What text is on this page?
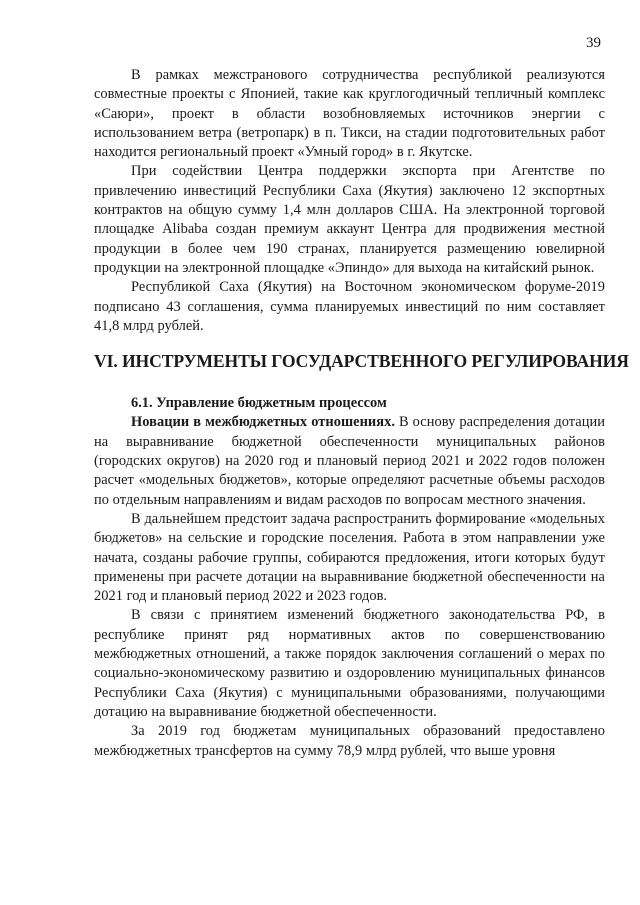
39

В рамках межстранового сотрудничества республикой реализуются совместные проекты с Японией, такие как круглогодичный тепличный комплекс «Саюри», проект в области возобновляемых источников энергии с использованием ветра (ветропарк) в п. Тикси, на стадии подготовительных работ находится региональный проект «Умный город» в г. Якутске.

При содействии Центра поддержки экспорта при Агентстве по привлечению инвестиций Республики Саха (Якутия) заключено 12 экспортных контрактов на общую сумму 1,4 млн долларов США. На электронной торговой площадке Alibaba создан премиум аккаунт Центра для продвижения местной продукции в более чем 190 странах, планируется размещению ювелирной продукции на электронной площадке «Эпиндо» для выхода на китайский рынок.

Республикой Саха (Якутия) на Восточном экономическом форуме-2019 подписано 43 соглашения, сумма планируемых инвестиций по ним составляет 41,8 млрд рублей.

VI. ИНСТРУМЕНТЫ ГОСУДАРСТВЕННОГО РЕГУЛИРОВАНИЯ
6.1. Управление бюджетным процессом

Новации в межбюджетных отношениях. В основу распределения дотации на выравнивание бюджетной обеспеченности муниципальных районов (городских округов) на 2020 год и плановый период 2021 и 2022 годов положен расчет «модельных бюджетов», которые определяют расчетные объемы расходов по отдельным направлениям и видам расходов по вопросам местного значения.

В дальнейшем предстоит задача распространить формирование «модельных бюджетов» на сельские и городские поселения. Работа в этом направлении уже начата, созданы рабочие группы, собираются предложения, итоги которых будут применены при расчете дотации на выравнивание бюджетной обеспеченности на 2021 год и плановый период 2022 и 2023 годов.

В связи с принятием изменений бюджетного законодательства РФ, в республике принят ряд нормативных актов по совершенствованию межбюджетных отношений, а также порядок заключения соглашений о мерах по социально-экономическому развитию и оздоровлению муниципальных финансов Республики Саха (Якутия) с муниципальными образованиями, получающими дотацию на выравнивание бюджетной обеспеченности.

За 2019 год бюджетам муниципальных образований предоставлено межбюджетных трансфертов на сумму 78,9 млрд рублей, что выше уровня
